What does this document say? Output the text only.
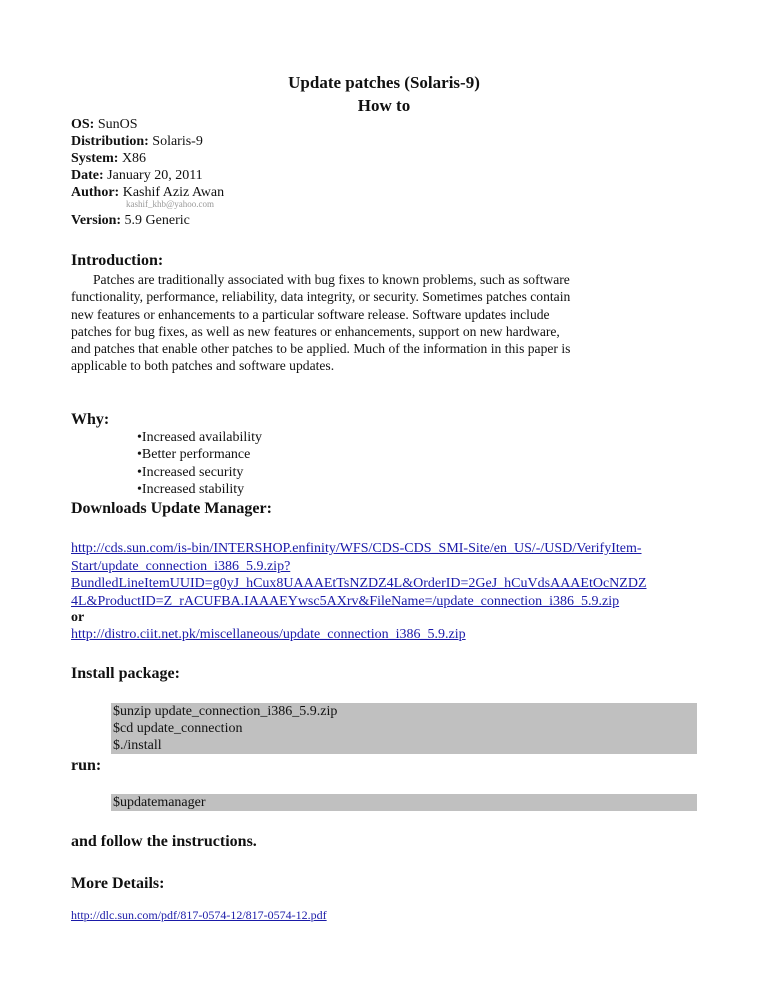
Update patches (Solaris-9)
How to
OS: SunOS
Distribution: Solaris-9
System: X86
Date: January 20, 2011
Author: Kashif Aziz Awan
kashif_khb@yahoo.com
Version: 5.9 Generic
Introduction:

Patches are traditionally associated with bug fixes to known problems, such as software functionality, performance, reliability, data integrity, or security. Sometimes patches contain new features or enhancements to a particular software release. Software updates include patches for bug fixes, as well as new features or enhancements, support on new hardware, and patches that enable other patches to be applied. Much of the information in this paper is applicable to both patches and software updates.

Why:
• Increased availability
• Better performance
• Increased security
• Increased stability
Downloads Update Manager:
http://cds.sun.com/is-bin/INTERSHOP.enfinity/WFS/CDS-CDS_SMI-Site/en_US/-/USD/VerifyItem-
Start/update_connection_i386_5.9.zip?
BundledLineItemUUID=g0yJ_hCux8UAAAEtTsNZDZ4L&OrderID=2GeJ_hCuVdsAAAEtOcNZDZ
4L&ProductID=Z_rACUFBA.IAAAEYwsc5AXrv&FileName=/update_connection_i386_5.9.zip
or
http://distro.ciit.net.pk/miscellaneous/update_connection_i386_5.9.zip
Install package:
$unzip update_connection_i386_5.9.zip
$cd update_connection
$./install
run:
$updatemanager
and follow the instructions.
More Details:
http://dlc.sun.com/pdf/817-0574-12/817-0574-12.pdf
